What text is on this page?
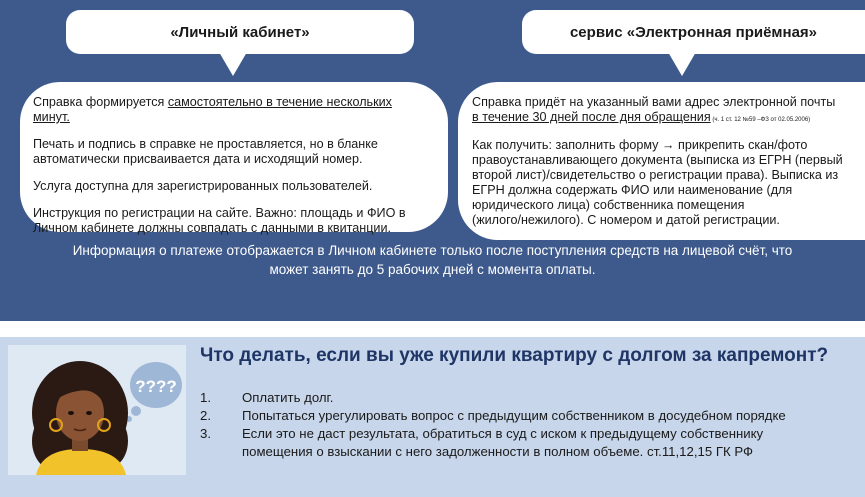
«Личный кабинет»	сервис «Электронная приёмная»

Справка формируется самостоятельно в течение нескольких
минут.

Печать и подпись в справке не проставляется, но в бланке
автоматически присваивается дата и исходящий номер.

Услуга доступна для зарегистрированных пользователей.

Инструкция по регистрации на сайте. Важно: площадь и ФИО в
Личном кабинете должны совпадать с данными в квитанции.

Справка придёт на указанный вами адрес электронной почты
в течение 30 дней после дня обращения (ч. 1 ст. 12 №59 –ФЗ от 02.05.2006)

Как получить: заполнить форму → прикрепить скан/фото
правоустанавливающего документа (выписка из ЕГРН (первый
второй лист)/свидетельство о регистрации права). Выписка из
ЕГРН должна содержать ФИО или наименование (для
юридического лица) собственника помещения
(жилого/нежилого). С номером и датой регистрации.

Информация о платеже отображается в Личном кабинете только после поступления средств на лицевой счёт, что
может занять до 5 рабочих дней с момента оплаты.
????
Что делать, если вы уже купили квартиру с долгом за капремонт?
1.	Оплатить долг.
2.	Попытаться урегулировать вопрос с предыдущим собственником в досудебном порядке
3.	Если это не даст результата, обратиться в суд с иском к предыдущему собственнику
помещения о взыскании с него задолженности в полном объеме. ст.11,12,15 ГК РФ
